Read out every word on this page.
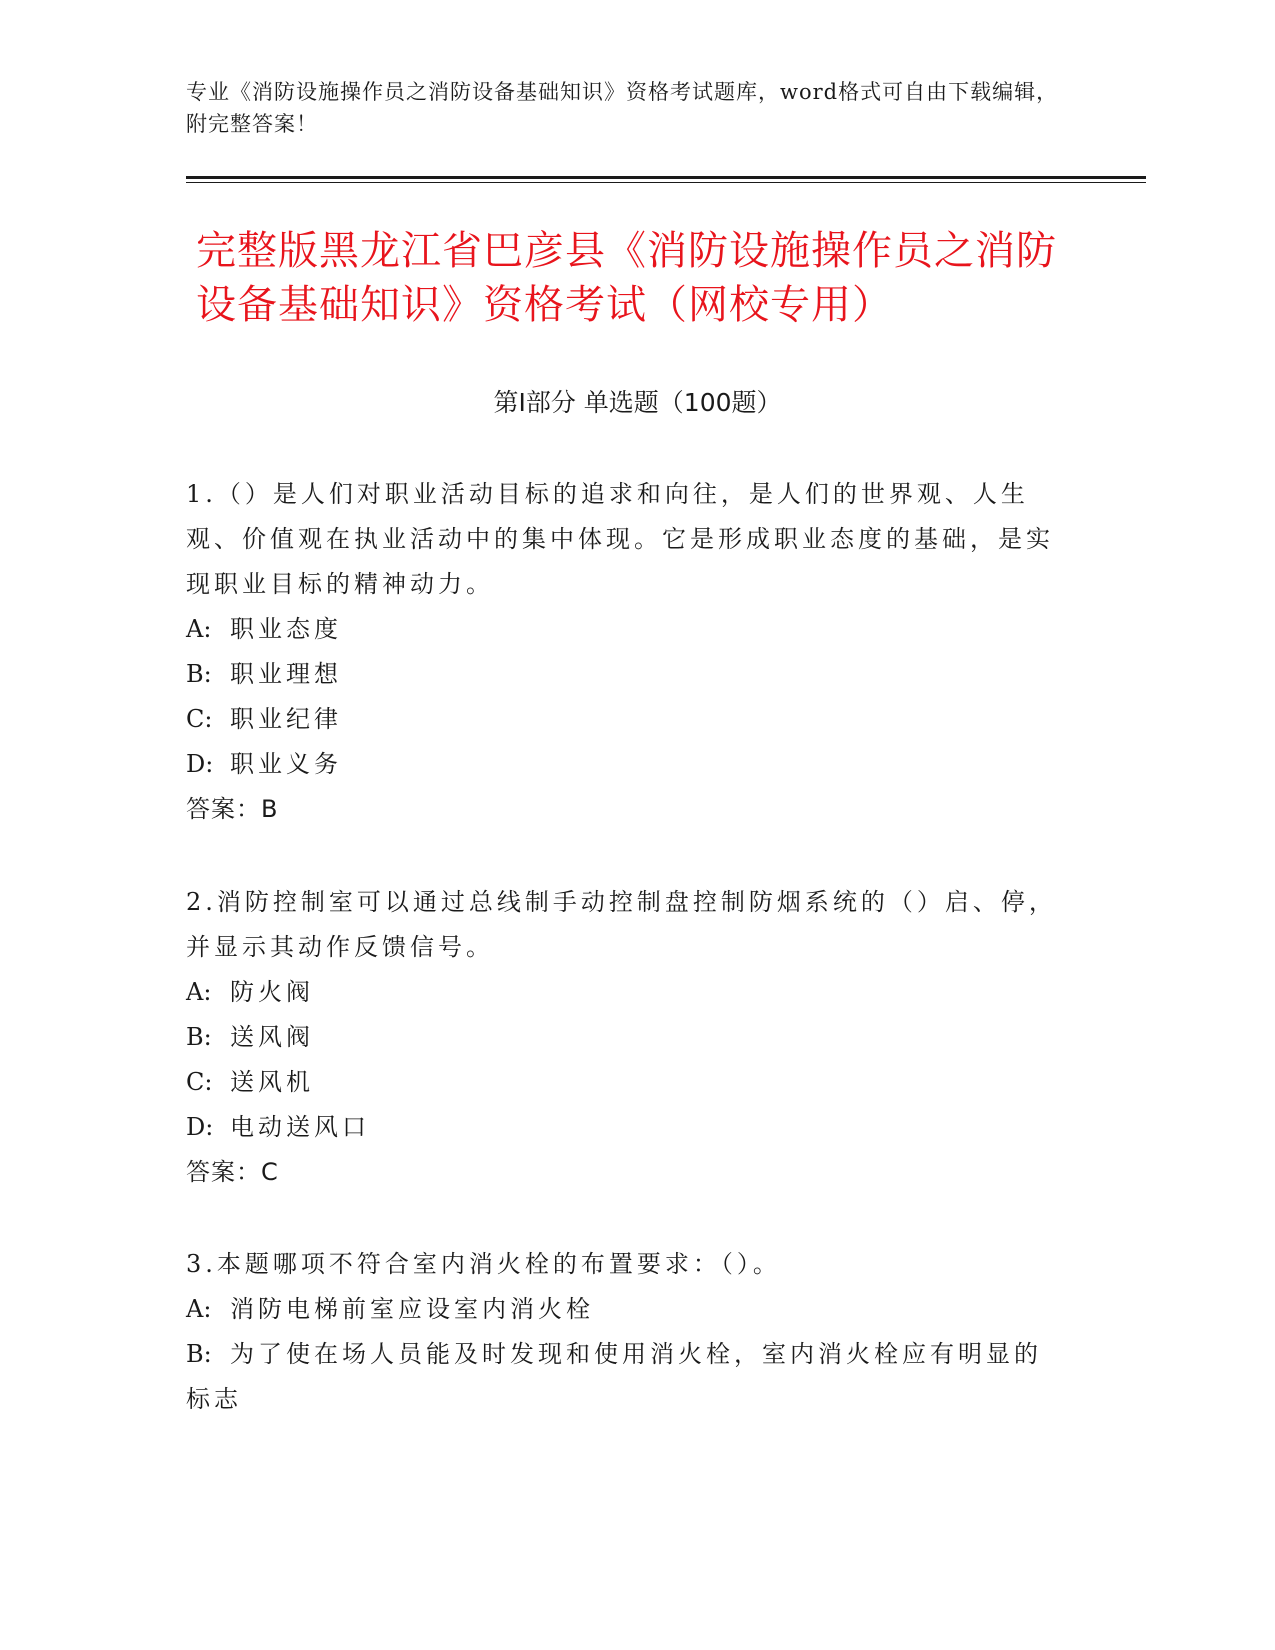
专业《消防设施操作员之消防设备基础知识》资格考试题库，word格式可自由下载编辑，附完整答案！
完整版黑龙江省巴彦县《消防设施操作员之消防设备基础知识》资格考试（网校专用）
第Ⅰ部分 单选题（100题）
1.（）是人们对职业活动目标的追求和向往，是人们的世界观、人生观、价值观在执业活动中的集中体现。它是形成职业态度的基础，是实现职业目标的精神动力。
A: 职业态度
B: 职业理想
C: 职业纪律
D: 职业义务
答案：B
2.消防控制室可以通过总线制手动控制盘控制防烟系统的（）启、停，并显示其动作反馈信号。
A: 防火阀
B: 送风阀
C: 送风机
D: 电动送风口
答案：C
3.本题哪项不符合室内消火栓的布置要求：（）。
A: 消防电梯前室应设室内消火栓
B: 为了使在场人员能及时发现和使用消火栓，室内消火栓应有明显的标志
